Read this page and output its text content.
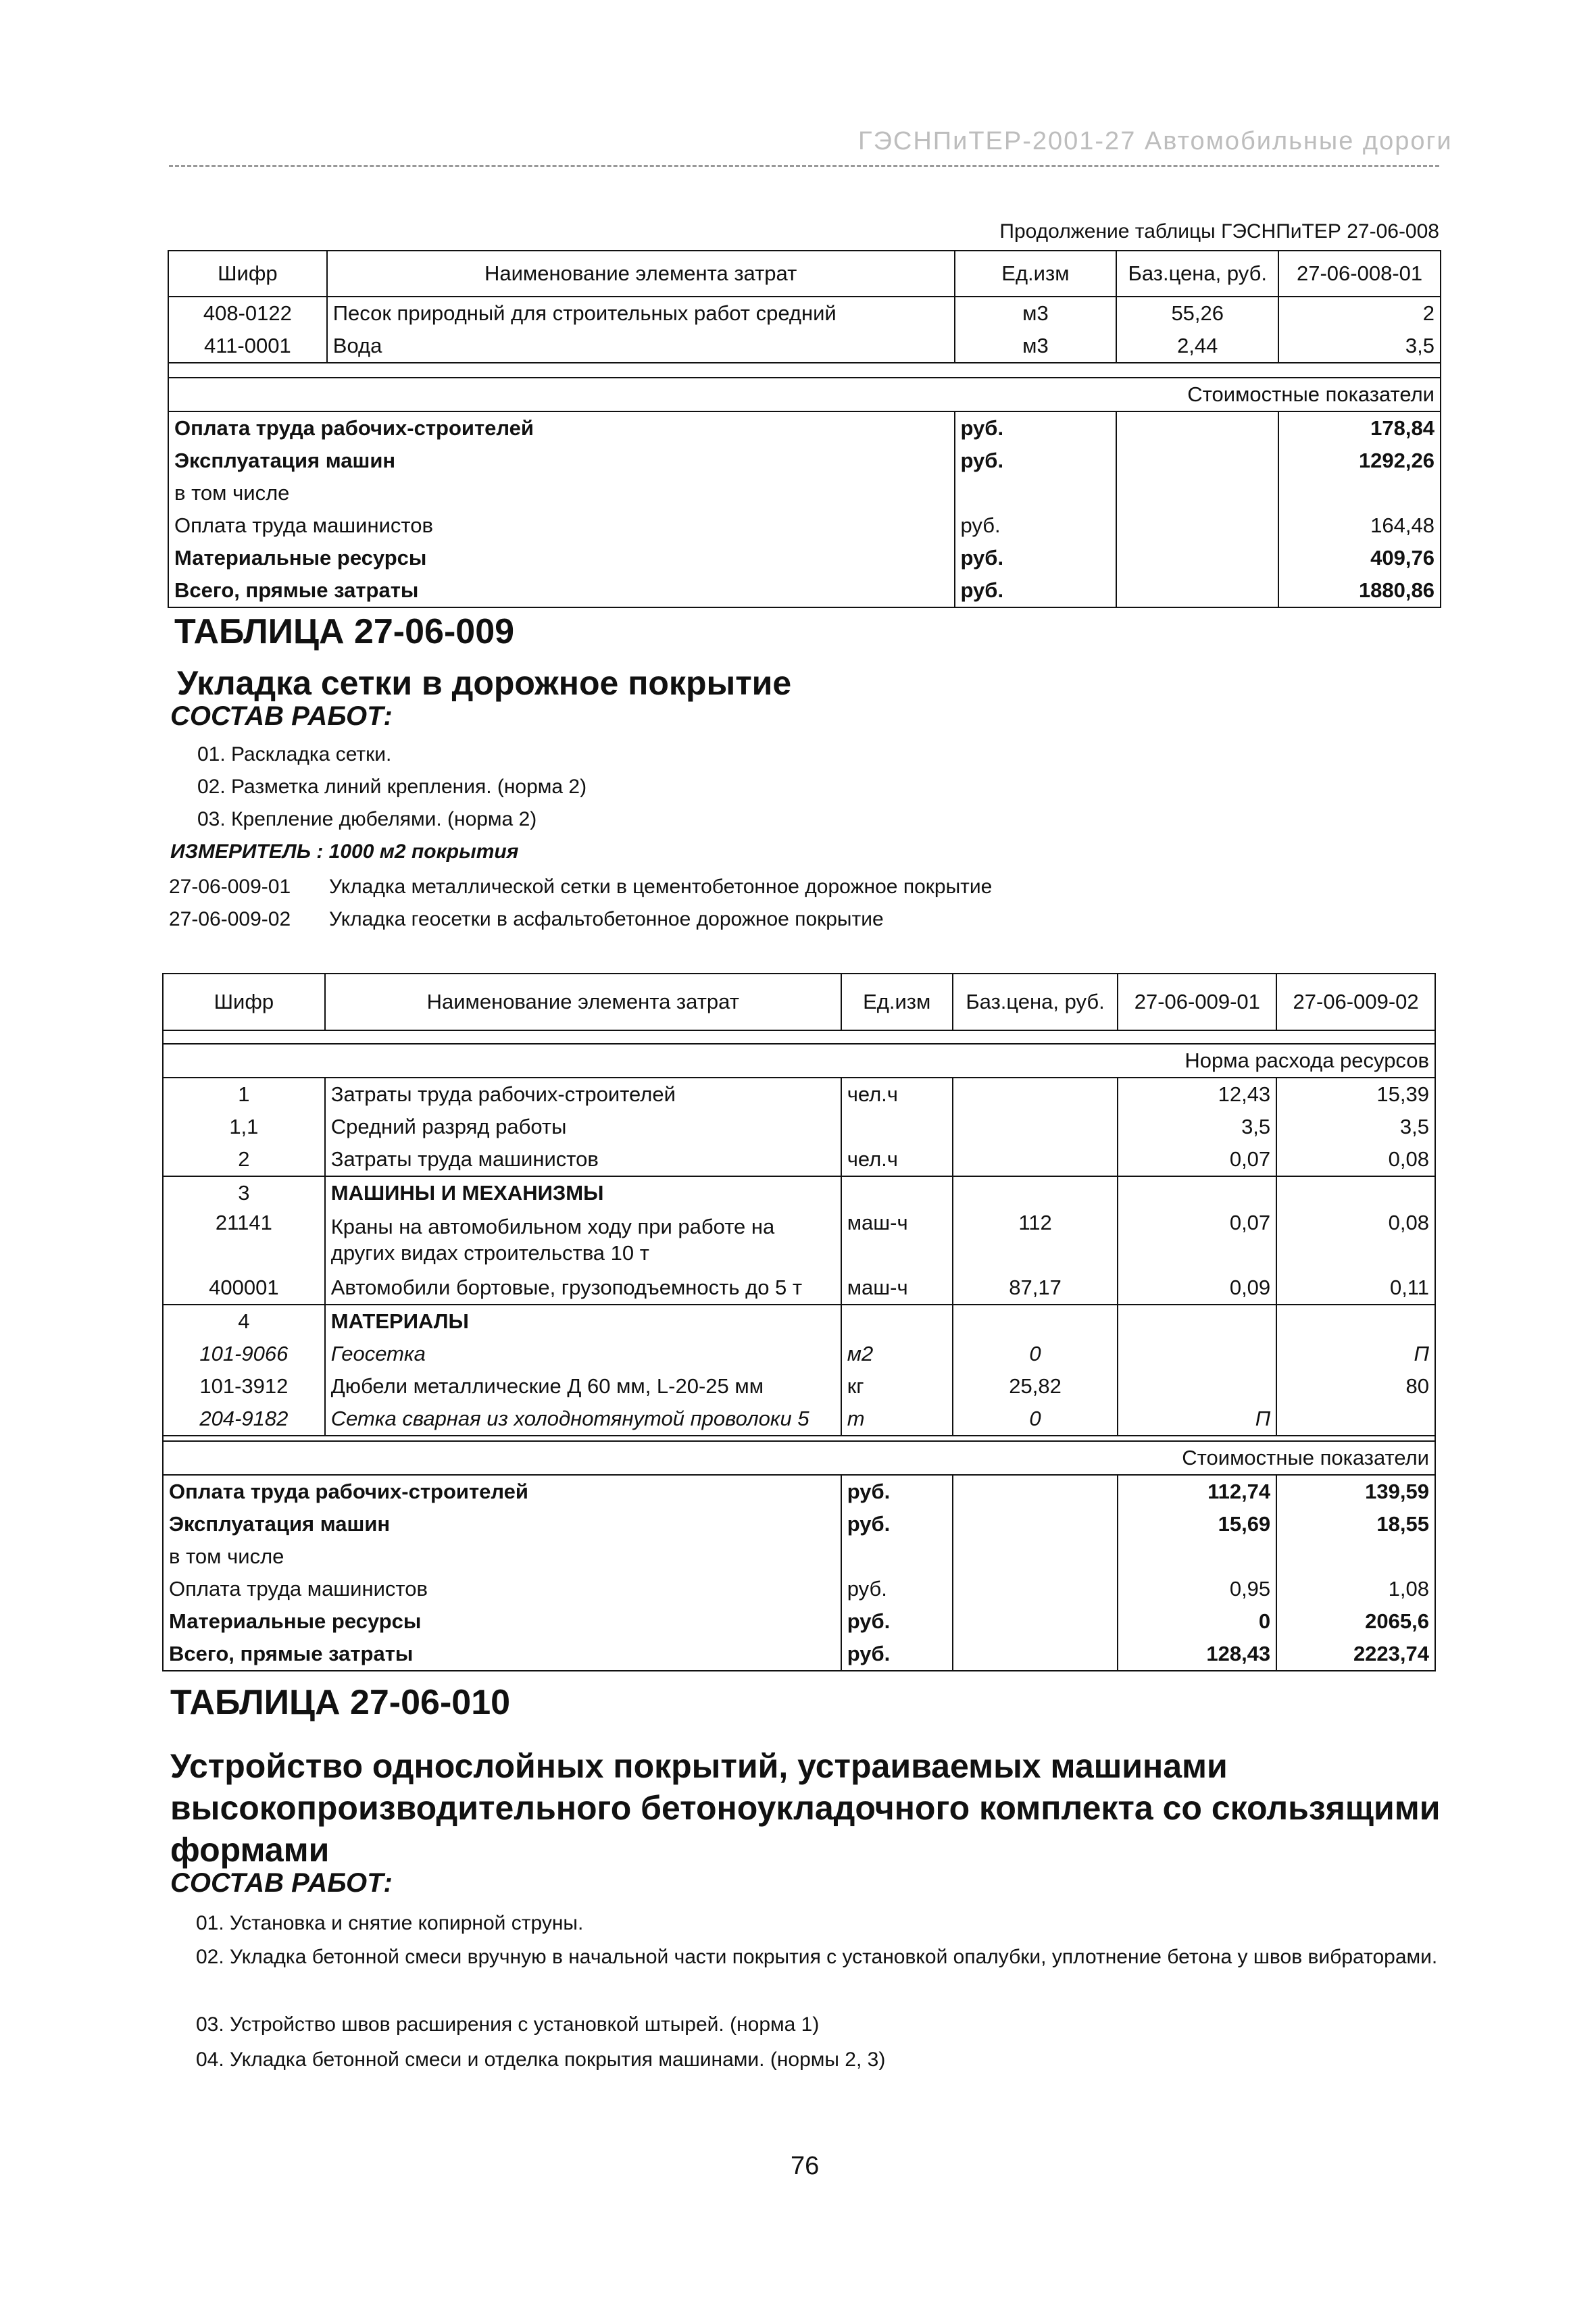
ГЭСНПиТЕР-2001-27 Автомобильные дороги
Продолжение таблицы ГЭСНПиТЕР 27-06-008
Шифр	Наименование элемента затрат	Ед.изм	Баз.цена, руб.	27-06-008-01
408-0122	Песок природный для строительных работ средний	м3	55,26	2
411-0001	Вода	м3	2,44	3,5

Стоимостные показатели				
Оплата труда рабочих-строителей		руб.		178,84
Эксплуатация машин		руб.		1292,26
в том числе				
Оплата труда машинистов		руб.		164,48
Материальные ресурсы		руб.		409,76
Всего, прямые затраты		руб.		1880,86
ТАБЛИЦА 27-06-009
Укладка сетки в дорожное покрытие
СОСТАВ РАБОТ:
01. Раскладка сетки.
02. Разметка линий крепления. (норма 2)
03. Крепление дюбелями. (норма 2)
ИЗМЕРИТЕЛЬ : 1000 м2 покрытия
27-06-009-01 Укладка металлической сетки в цементобетонное дорожное покрытие
27-06-009-02 Укладка геосетки в асфальтобетонное дорожное покрытие
Шифр	Наименование элемента затрат	Ед.изм	Баз.цена, руб.	27-06-009-01	27-06-009-02

Норма расхода ресурсов					
1	Затраты труда рабочих-строителей	чел.ч		12,43	15,39
1,1	Средний разряд работы			3,5	3,5
2	Затраты труда машинистов	чел.ч		0,07	0,08
3	МАШИНЫ И МЕХАНИЗМЫ				
21141	Краны на автомобильном ходу при работе на других видах строительства 10 т	маш-ч	112	0,07	0,08
400001	Автомобили бортовые, грузоподъемность до 5 т	маш-ч	87,17	0,09	0,11
4	МАТЕРИАЛЫ				
101-9066	Геосетка	м2	0		П
101-3912	Дюбели металлические Д 60 мм, L-20-25 мм	кг	25,82		80
204-9182	Сетка сварная из холоднотянутой проволоки 5	т	0	П	

Стоимостные показатели					
Оплата труда рабочих-строителей		руб.		112,74	139,59
Эксплуатация машин		руб.		15,69	18,55
в том числе					
Оплата труда машинистов		руб.		0,95	1,08
Материальные ресурсы		руб.		0	2065,6
Всего, прямые затраты		руб.		128,43	2223,74
ТАБЛИЦА 27-06-010
Устройство однослойных покрытий, устраиваемых машинами высокопроизводительного бетоноукладочного комплекта со скользящими формами
СОСТАВ РАБОТ:
01. Установка и снятие копирной струны.
02. Укладка бетонной смеси вручную в начальной части покрытия с установкой опалубки, уплотнение бетона у швов вибраторами.
03. Устройство швов расширения с установкой штырей. (норма 1)
04. Укладка бетонной смеси и отделка покрытия машинами. (нормы 2, 3)
76
